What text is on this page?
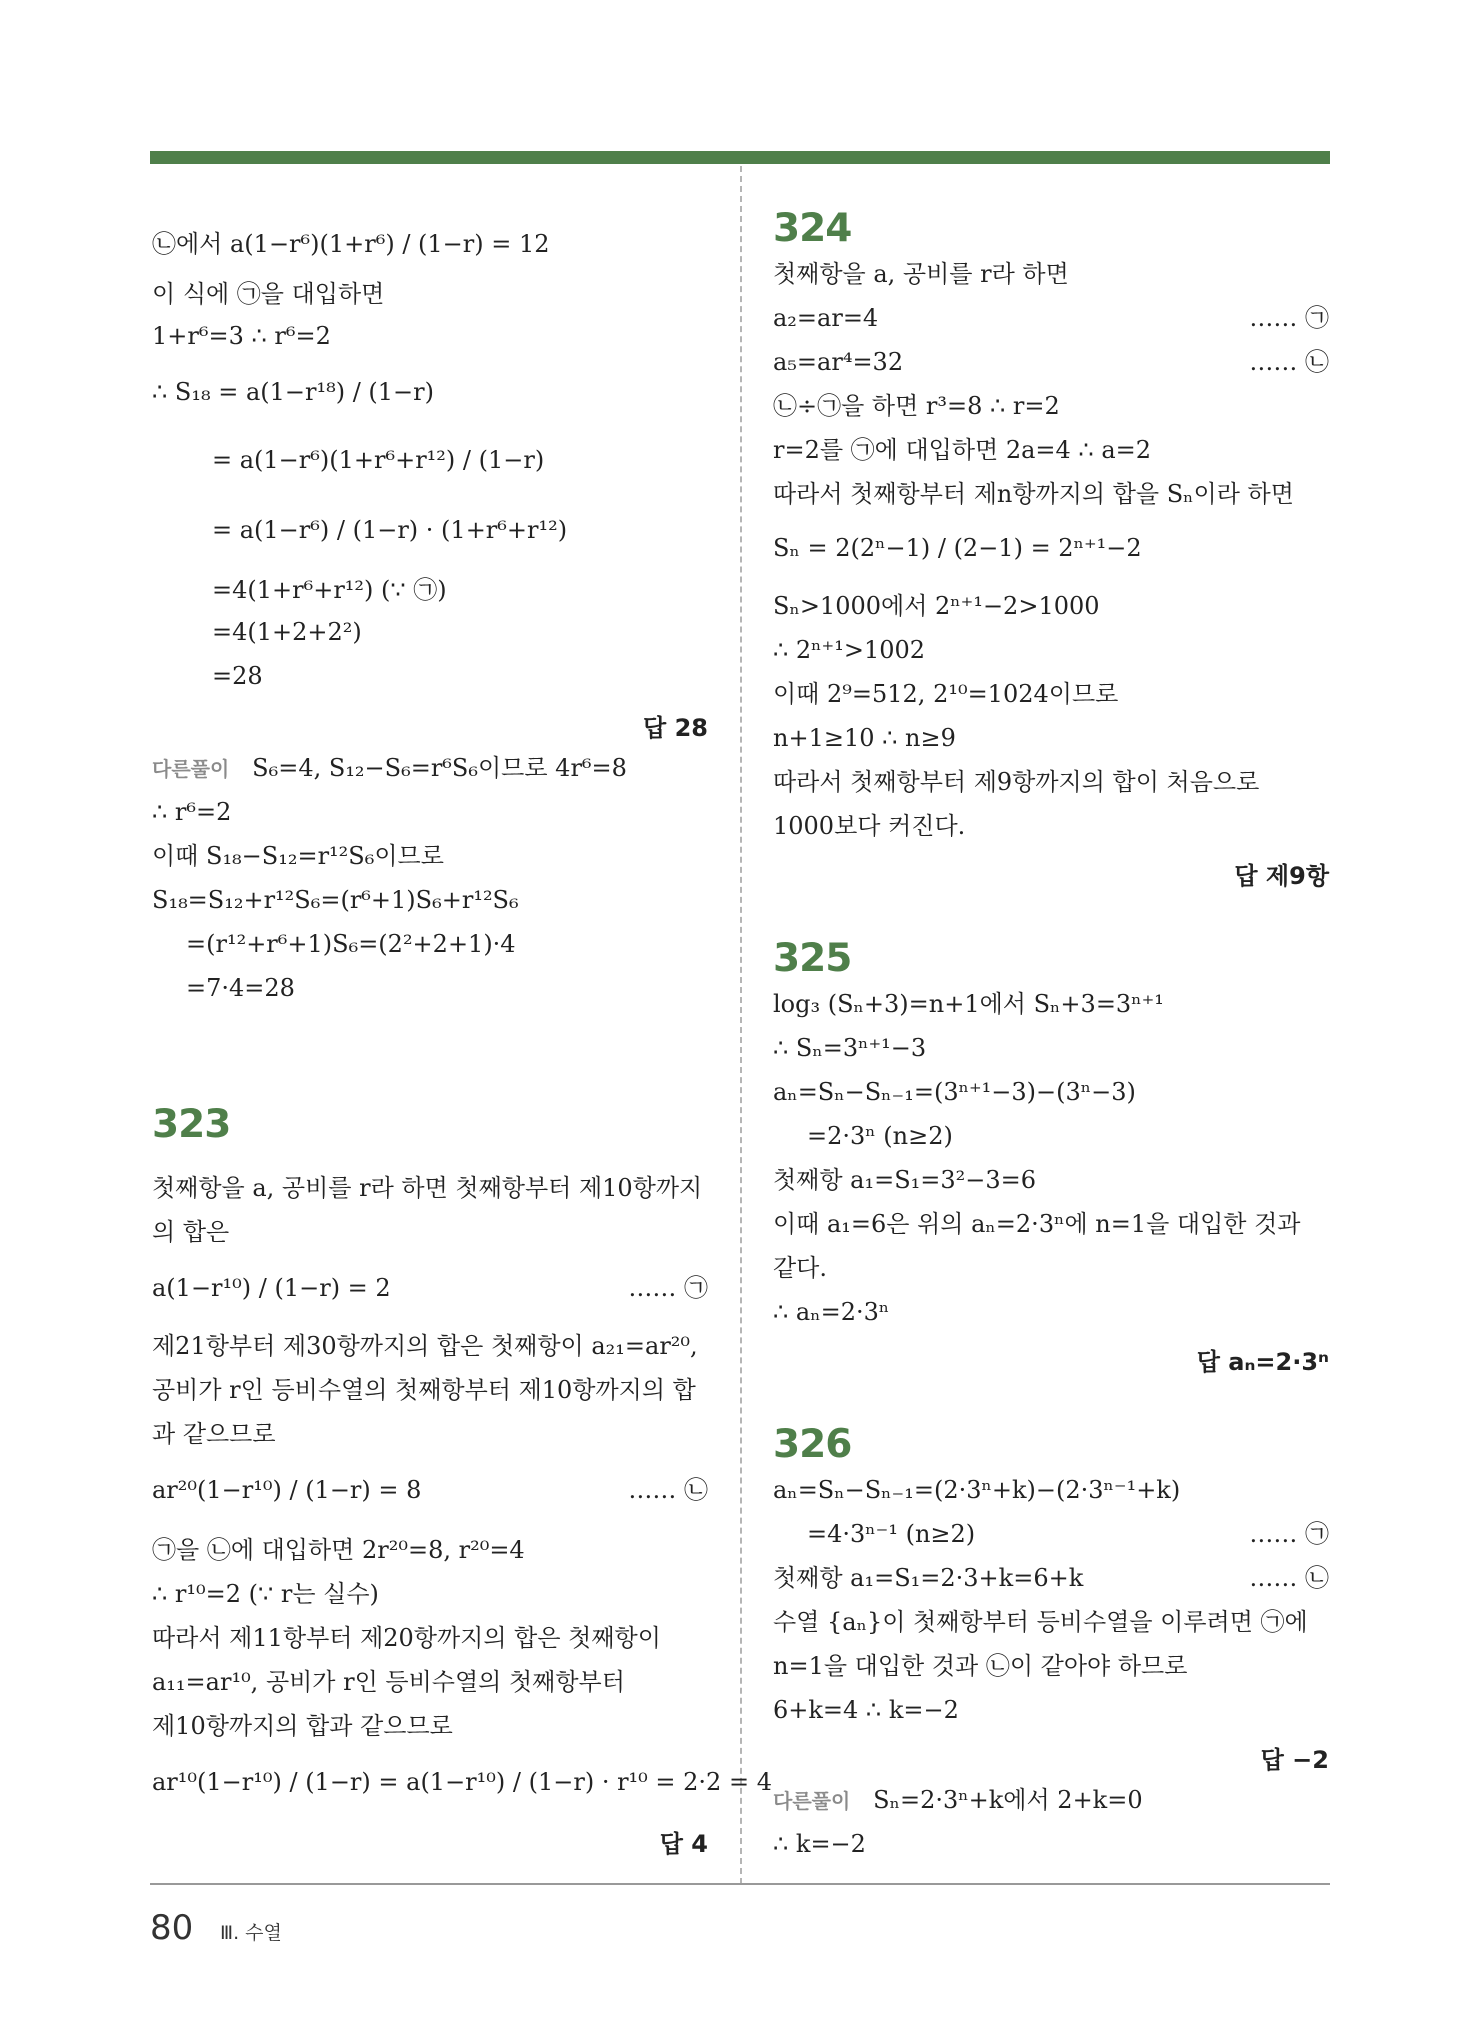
㉡에서 a(1−r⁶)(1+r⁶) / (1−r) = 12
이 식에 ㉠을 대입하면
1+r⁶=3 ∴ r⁶=2
∴ S₁₈ = a(1−r¹⁸) / (1−r)
= a(1−r⁶)(1+r⁶+r¹²) / (1−r)
= a(1−r⁶) / (1−r) · (1+r⁶+r¹²)
=4(1+r⁶+r¹²) (∵ ㉠)
=4(1+2+2²)
=28
답 28
다른풀이 S₆=4, S₁₂−S₆=r⁶S₆이므로 4r⁶=8
∴ r⁶=2
이때 S₁₈−S₁₂=r¹²S₆이므로
S₁₈=S₁₂+r¹²S₆=(r⁶+1)S₆+r¹²S₆
=(r¹²+r⁶+1)S₆=(2²+2+1)·4
=7·4=28
323
첫째항을 a, 공비를 r라 하면 첫째항부터 제10항까지
의 합은
a(1−r¹⁰) / (1−r) = 2	…… ㉠
제21항부터 제30항까지의 합은 첫째항이 a₂₁=ar²⁰,
공비가 r인 등비수열의 첫째항부터 제10항까지의 합
과 같으므로
ar²⁰(1−r¹⁰) / (1−r) = 8	…… ㉡
㉠을 ㉡에 대입하면 2r²⁰=8, r²⁰=4
∴ r¹⁰=2 (∵ r는 실수)
따라서 제11항부터 제20항까지의 합은 첫째항이
a₁₁=ar¹⁰, 공비가 r인 등비수열의 첫째항부터
제10항까지의 합과 같으므로
ar¹⁰(1−r¹⁰) / (1−r) = a(1−r¹⁰) / (1−r) · r¹⁰ = 2·2 = 4
답 4
324
첫째항을 a, 공비를 r라 하면
a₂=ar=4	…… ㉠
a₅=ar⁴=32	…… ㉡
㉡÷㉠을 하면 r³=8 ∴ r=2
r=2를 ㉠에 대입하면 2a=4 ∴ a=2
따라서 첫째항부터 제n항까지의 합을 Sₙ이라 하면
Sₙ = 2(2ⁿ−1) / (2−1) = 2ⁿ⁺¹−2
Sₙ>1000에서 2ⁿ⁺¹−2>1000
∴ 2ⁿ⁺¹>1002
이때 2⁹=512, 2¹⁰=1024이므로
n+1≥10 ∴ n≥9
따라서 첫째항부터 제9항까지의 합이 처음으로
1000보다 커진다.
답 제9항
325
log₃ (Sₙ+3)=n+1에서 Sₙ+3=3ⁿ⁺¹
∴ Sₙ=3ⁿ⁺¹−3
aₙ=Sₙ−Sₙ₋₁=(3ⁿ⁺¹−3)−(3ⁿ−3)
=2·3ⁿ (n≥2)
첫째항 a₁=S₁=3²−3=6
이때 a₁=6은 위의 aₙ=2·3ⁿ에 n=1을 대입한 것과
같다.
∴ aₙ=2·3ⁿ
답 aₙ=2·3ⁿ
326
aₙ=Sₙ−Sₙ₋₁=(2·3ⁿ+k)−(2·3ⁿ⁻¹+k)
=4·3ⁿ⁻¹ (n≥2)	…… ㉠
첫째항 a₁=S₁=2·3+k=6+k	…… ㉡
수열 {aₙ}이 첫째항부터 등비수열을 이루려면 ㉠에
n=1을 대입한 것과 ㉡이 같아야 하므로
6+k=4 ∴ k=−2
답 −2
다른풀이 Sₙ=2·3ⁿ+k에서 2+k=0
∴ k=−2
80 Ⅲ. 수열
